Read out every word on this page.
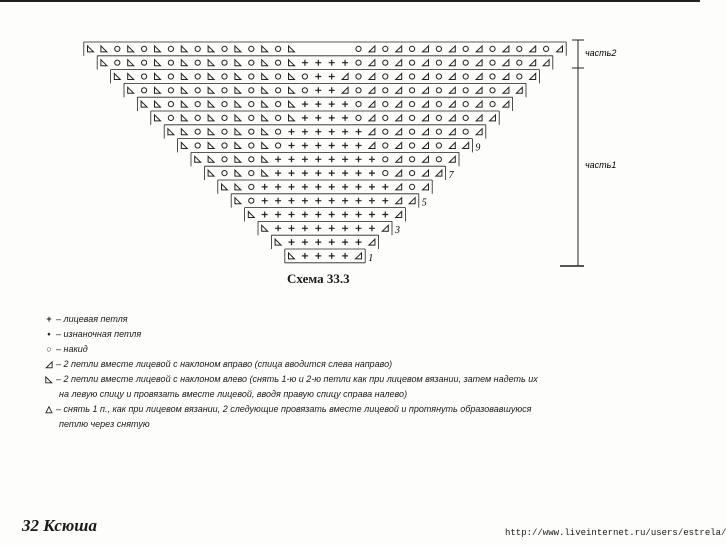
1
3
5
7
9
часть2
часть1
Схема 33.3
+ – лицевая петля
• – изнаночная петля
○ – накид
◿ – 2 петли вместе лицевой с наклоном вправо (спица вводится слева направо)
◺ – 2 петли вместе лицевой с наклоном влево (снять 1-ю и 2-ю петли как при лицевом вязании, затем надеть их
на левую спицу и провязать вместе лицевой, вводя правую спицу справа налево)
△ – снять 1 п., как при лицевом вязании, 2 следующие провязать вместе лицевой и протянуть образовавшуюся
петлю через снятую
32 Ксюша	http://www.liveinternet.ru/users/estrela/
